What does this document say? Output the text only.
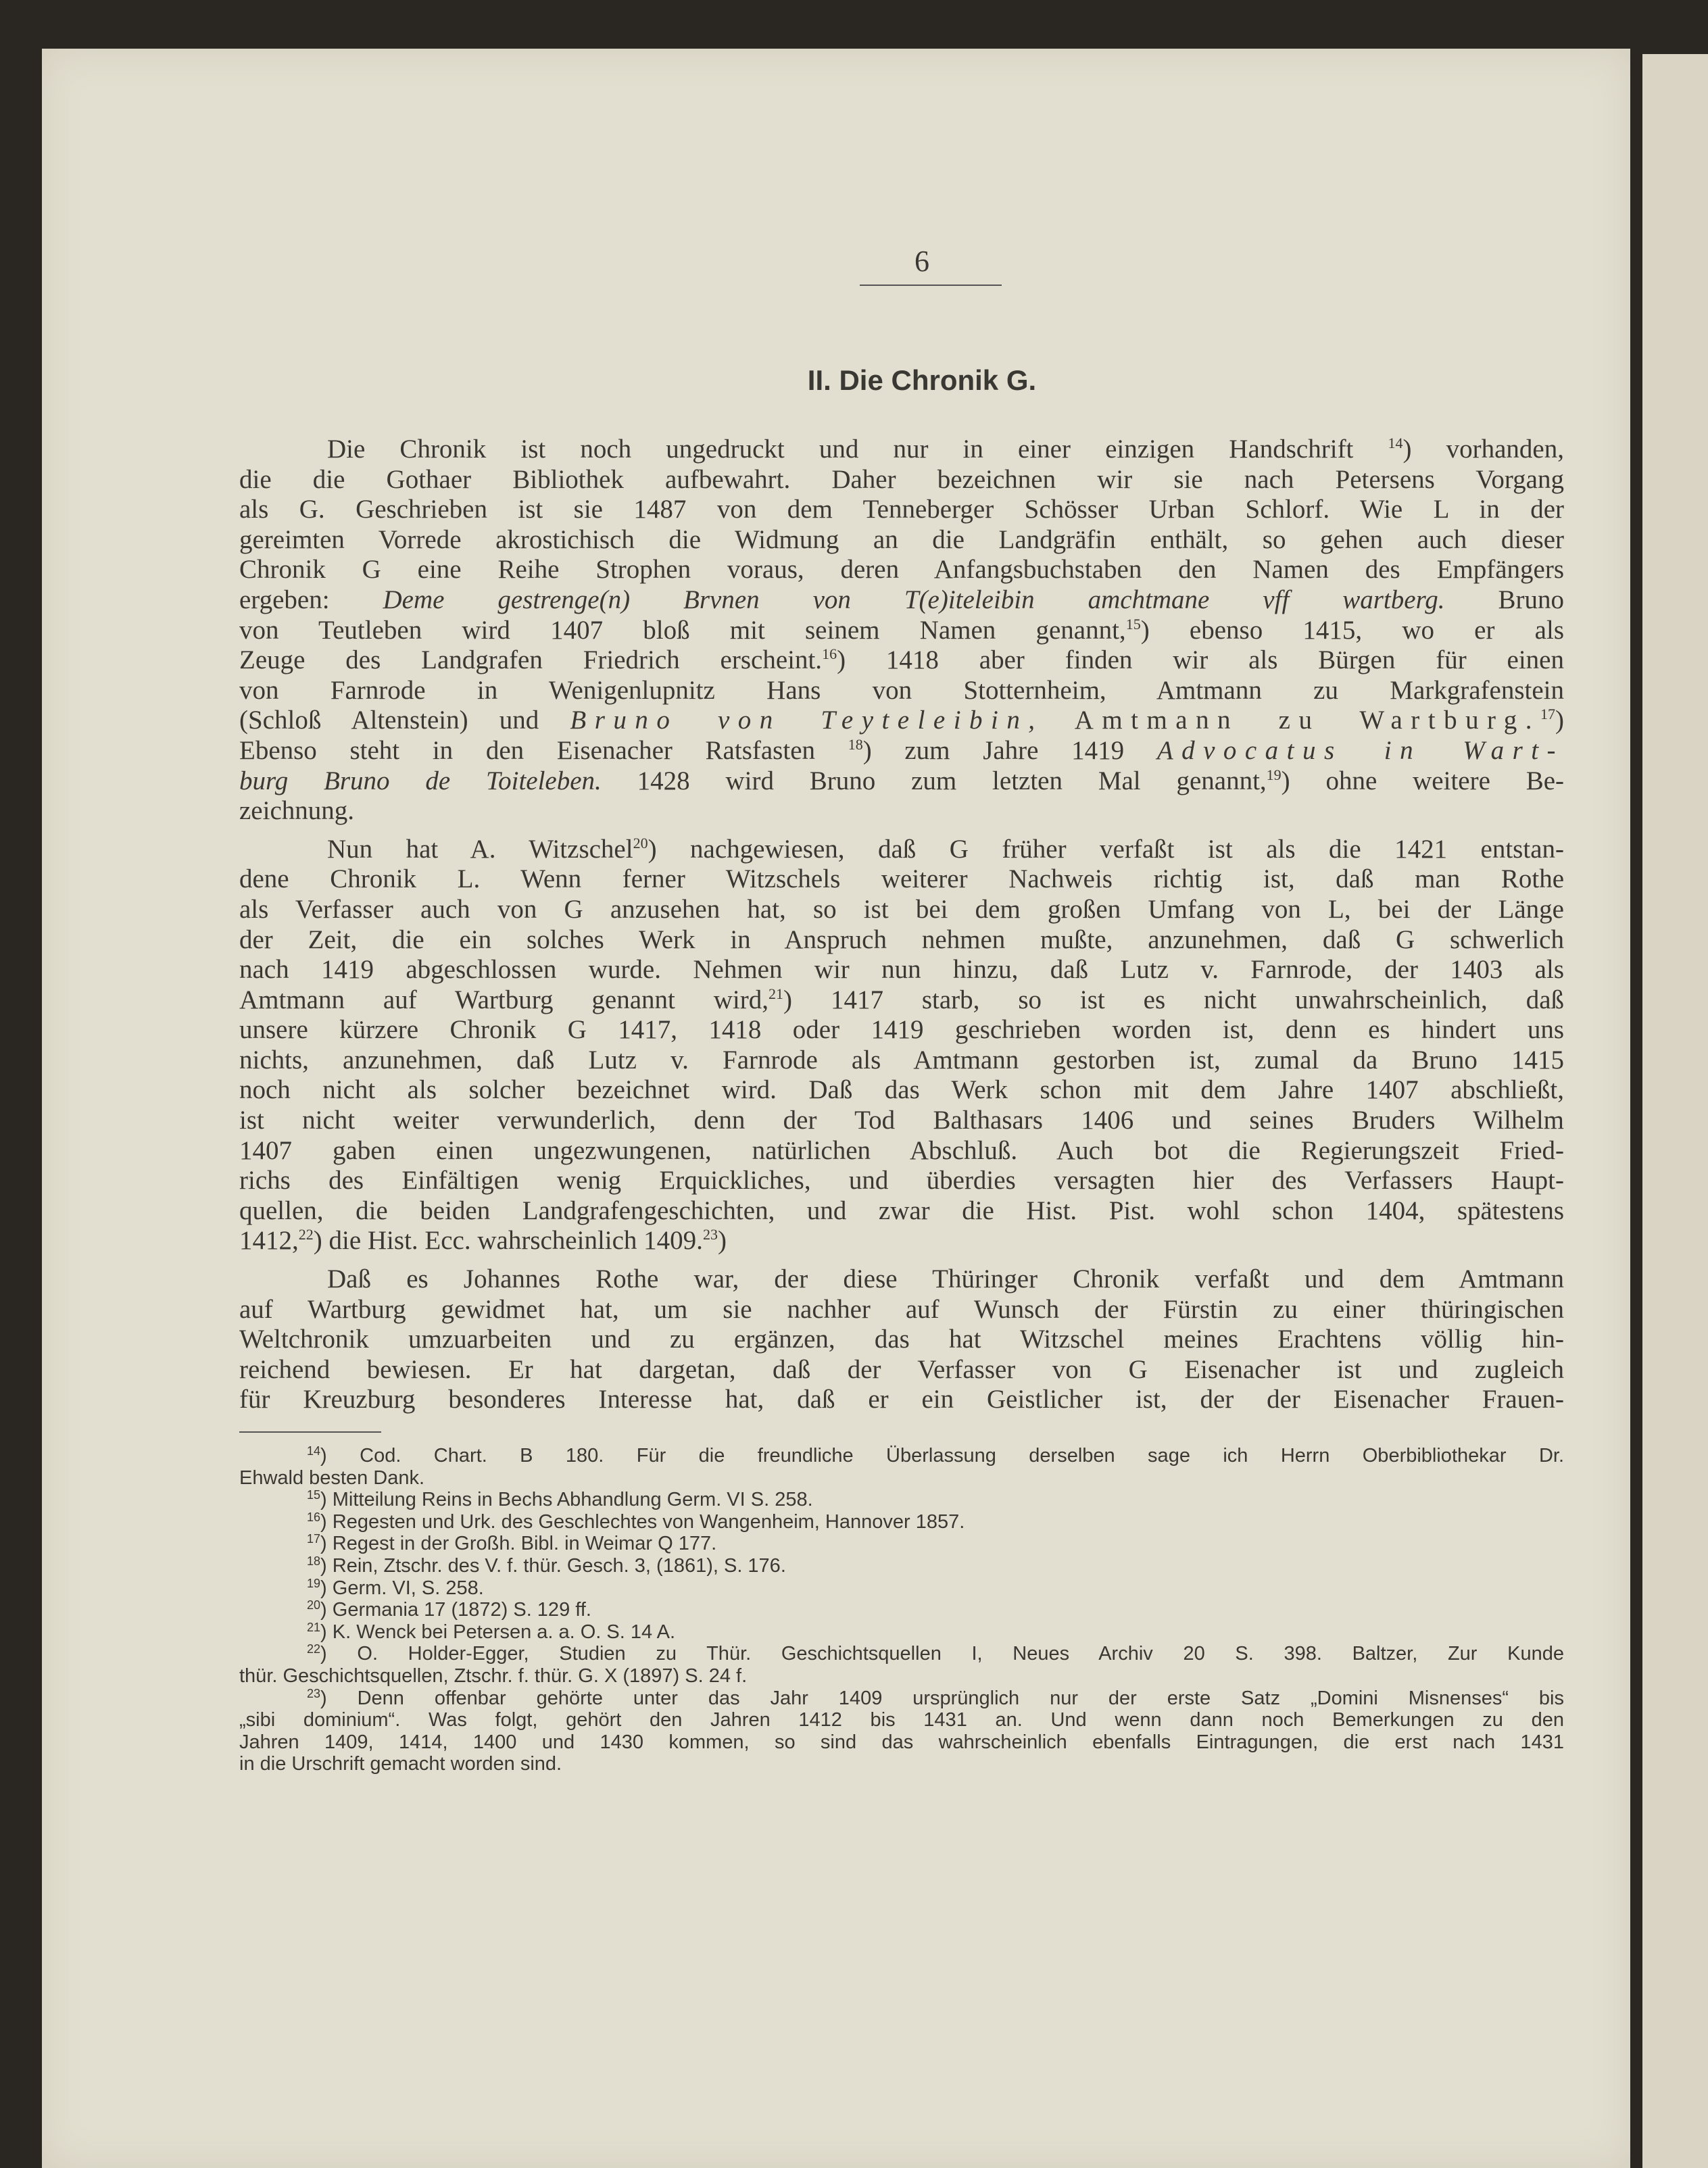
6
II. Die Chronik G.

Die Chronik ist noch ungedruckt und nur in einer einzigen Handschrift $^{14}$) vorhanden,
die die Gothaer Bibliothek aufbewahrt. Daher bezeichnen wir sie nach Petersens Vorgang
als G. Geschrieben ist sie 1487 von dem Tenneberger Schösser Urban Schlorf. Wie L in der
gereimten Vorrede akrostichisch die Widmung an die Landgräfin enthält, so gehen auch dieser
Chronik G eine Reihe Strophen voraus, deren Anfangsbuchstaben den Namen des Empfängers
ergeben: Deme gestrenge(n) Brvnen von T(e)iteleibin amchtmane vff wartberg. Bruno
von Teutleben wird 1407 bloß mit seinem Namen genannt,$^{15}$) ebenso 1415, wo er als
Zeuge des Landgrafen Friedrich erscheint.$^{16}$) 1418 aber finden wir als Bürgen für einen
von Farnrode in Wenigenlupnitz Hans von Stotternheim, Amtmann zu Markgrafenstein
(Schloß Altenstein) und Bruno von Teyteleibin, Amtmann zu Wartburg.$^{17}$)
Ebenso steht in den Eisenacher Ratsfasten $^{18}$) zum Jahre 1419 Advocatus in Wart-
burg Bruno de Toiteleben. 1428 wird Bruno zum letzten Mal genannt,$^{19}$) ohne weitere Be-
zeichnung.

Nun hat A. Witzschel$^{20}$) nachgewiesen, daß G früher verfaßt ist als die 1421 entstan-
dene Chronik L. Wenn ferner Witzschels weiterer Nachweis richtig ist, daß man Rothe
als Verfasser auch von G anzusehen hat, so ist bei dem großen Umfang von L, bei der Länge
der Zeit, die ein solches Werk in Anspruch nehmen mußte, anzunehmen, daß G schwerlich
nach 1419 abgeschlossen wurde. Nehmen wir nun hinzu, daß Lutz v. Farnrode, der 1403 als
Amtmann auf Wartburg genannt wird,$^{21}$) 1417 starb, so ist es nicht unwahrscheinlich, daß
unsere kürzere Chronik G 1417, 1418 oder 1419 geschrieben worden ist, denn es hindert uns
nichts, anzunehmen, daß Lutz v. Farnrode als Amtmann gestorben ist, zumal da Bruno 1415
noch nicht als solcher bezeichnet wird. Daß das Werk schon mit dem Jahre 1407 abschließt,
ist nicht weiter verwunderlich, denn der Tod Balthasars 1406 und seines Bruders Wilhelm
1407 gaben einen ungezwungenen, natürlichen Abschluß. Auch bot die Regierungszeit Fried-
richs des Einfältigen wenig Erquickliches, und überdies versagten hier des Verfassers Haupt-
quellen, die beiden Landgrafengeschichten, und zwar die Hist. Pist. wohl schon 1404, spätestens
1412,22) die Hist. Ecc. wahrscheinlich 1409.23)

Daß es Johannes Rothe war, der diese Thüringer Chronik verfaßt und dem Amtmann
auf Wartburg gewidmet hat, um sie nachher auf Wunsch der Fürstin zu einer thüringischen
Weltchronik umzuarbeiten und zu ergänzen, das hat Witzschel meines Erachtens völlig hin-
reichend bewiesen. Er hat dargetan, daß der Verfasser von G Eisenacher ist und zugleich
für Kreuzburg besonderes Interesse hat, daß er ein Geistlicher ist, der der Eisenacher Frauen-

$^{14}$) Cod. Chart. B 180. Für die freundliche Überlassung derselben sage ich Herrn Oberbibliothekar Dr.
Ehwald besten Dank.
$^{15}$) Mitteilung Reins in Bechs Abhandlung Germ. VI S. 258.
$^{16}$) Regesten und Urk. des Geschlechtes von Wangenheim, Hannover 1857.
$^{17}$) Regest in der Großh. Bibl. in Weimar Q 177.
$^{18}$) Rein, Ztschr. des V. f. thür. Gesch. 3, (1861), S. 176.
$^{19}$) Germ. VI, S. 258.
$^{20}$) Germania 17 (1872) S. 129 ff.
$^{21}$) K. Wenck bei Petersen a. a. O. S. 14 A.
$^{22}$) O. Holder-Egger, Studien zu Thür. Geschichtsquellen I, Neues Archiv 20 S. 398. Baltzer, Zur Kunde
thür. Geschichtsquellen, Ztschr. f. thür. G. X (1897) S. 24 f.
$^{23}$) Denn offenbar gehörte unter das Jahr 1409 ursprünglich nur der erste Satz „Domini Misnenses“ bis
„sibi dominium“. Was folgt, gehört den Jahren 1412 bis 1431 an. Und wenn dann noch Bemerkungen zu den
Jahren 1409, 1414, 1400 und 1430 kommen, so sind das wahrscheinlich ebenfalls Eintragungen, die erst nach 1431
in die Urschrift gemacht worden sind.
